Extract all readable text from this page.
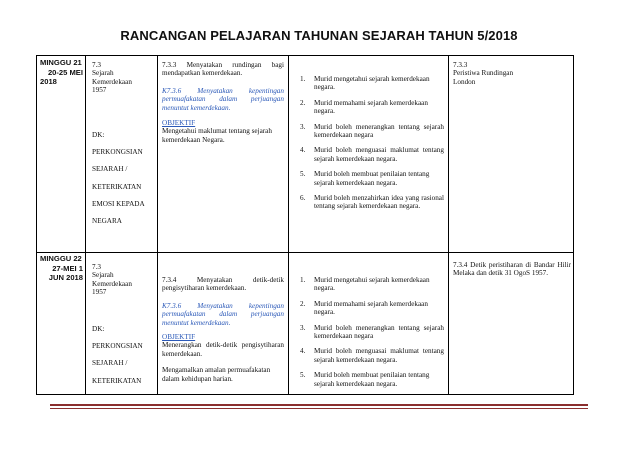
RANCANGAN PELAJARAN TAHUNAN SEJARAH TAHUN 5/2018
MINGGU 21
20-25 MEI
2018
7.3
Sejarah
Kemerdekaan
1957
DK:
PERKONGSIAN
SEJARAH /
KETERIKATAN
EMOSI KEPADA
NEGARA
7.3.3 Menyatakan rundingan bagi mendapatkan kemerdekaan.
K7.3.6 Menyatakan kepentingan permuafakatan dalam perjuangan menuntut kemerdekaan.
OBJEKTIF
Mengetahui maklumat tentang sejarah kemerdekaan Negara.
1. Murid mengetahui sejarah kemerdekaan negara.
2. Murid memahami sejarah kemerdekaan negara.
3. Murid boleh menerangkan tentang sejarah kemerdekaan negara
4. Murid boleh menguasai maklumat tentang sejarah kemerdekaan negara.
5. Murid boleh membuat penilaian tentang sejarah kemerdekaan negara.
6. Murid boleh menzahirkan idea yang rasional tentang sejarah kemerdekaan negara.
7.3.3
Peristiwa Rundingan
London
MINGGU 22
27-MEI 1
JUN 2018
7.3
Sejarah
Kemerdekaan
1957
DK:
PERKONGSIAN
SEJARAH /
KETERIKATAN
7.3.4 Menyatakan detik-detik pengisytiharan kemerdekaan.
K7.3.6 Menyatakan kepentingan permuafakatan dalam perjuangan menuntut kemerdekaan.
OBJEKTIF
Menerangkan detik-detik pengisytiharan kemerdekaan.
Mengamalkan amalan permuafakatan dalam kehidupan harian.
1. Murid mengetahui sejarah kemerdekaan negara.
2. Murid memahami sejarah kemerdekaan negara.
3. Murid boleh menerangkan tentang sejarah kemerdekaan negara
4. Murid boleh menguasai maklumat tentang sejarah kemerdekaan negara.
5. Murid boleh membuat penilaian tentang sejarah kemerdekaan negara.
7.3.4 Detik peristiharan di Bandar Hilir Melaka dan detik 31 OgoS 1957.
